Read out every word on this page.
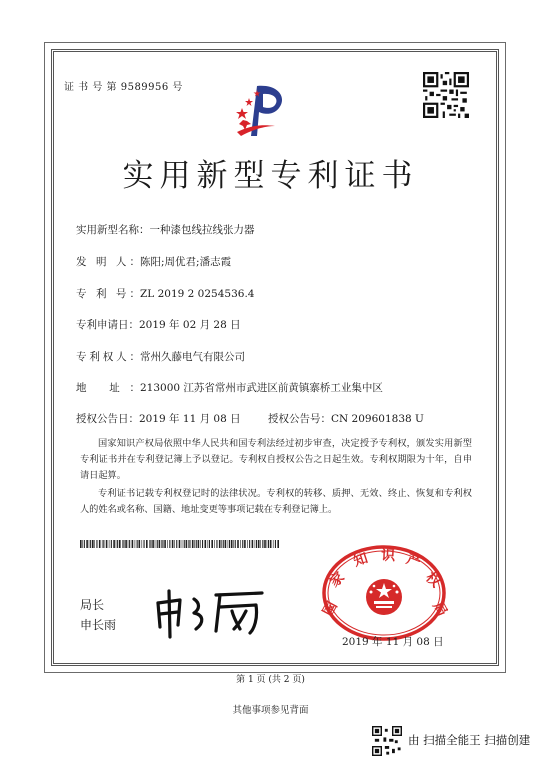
证 书 号 第 9589956 号
实用新型专利证书
实用新型名称：一种漆包线拉线张力器
发 明 人：陈阳;周优君;潘志霞
专 利 号：ZL 2019 2 0254536.4
专利申请日：2019 年 02 月 28 日
专利权人：常州久藤电气有限公司
地 址：213000 江苏省常州市武进区前黄镇寨桥工业集中区
授权公告日：2019 年 11 月 08 日	授权公告号：CN 209601838 U
国家知识产权局依照中华人民共和国专利法经过初步审查，决定授予专利权，颁发实用新型专利证书并在专利登记簿上予以登记。专利权自授权公告之日起生效。专利权期限为十年，自申请日起算。
专利证书记载专利权登记时的法律状况。专利权的转移、质押、无效、终止、恢复和专利权人的姓名或名称、国籍、地址变更等事项记载在专利登记簿上。
局长
申长雨
国
家
知 识 产
权
局
2019 年 11 月 08 日
第 1 页 (共 2 页)
其他事项参见背面
由 扫描全能王 扫描创建
